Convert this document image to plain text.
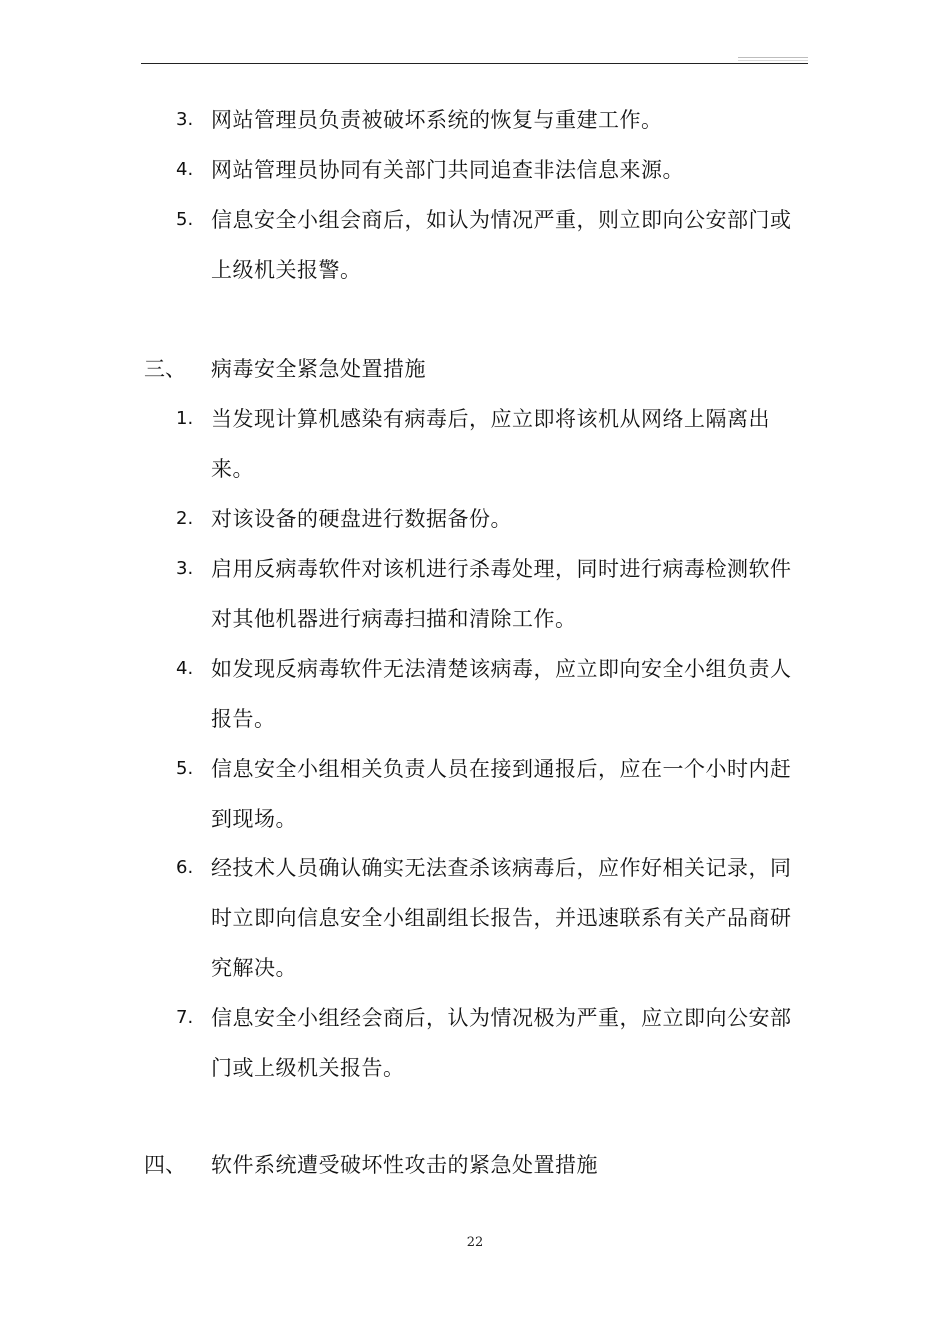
3. 网站管理员负责被破坏系统的恢复与重建工作。
4. 网站管理员协同有关部门共同追查非法信息来源。
5. 信息安全小组会商后，如认为情况严重，则立即向公安部门或
上级机关报警。
三、	病毒安全紧急处置措施
1. 当发现计算机感染有病毒后，应立即将该机从网络上隔离出
来。
2. 对该设备的硬盘进行数据备份。
3. 启用反病毒软件对该机进行杀毒处理，同时进行病毒检测软件
对其他机器进行病毒扫描和清除工作。
4. 如发现反病毒软件无法清楚该病毒，应立即向安全小组负责人
报告。
5. 信息安全小组相关负责人员在接到通报后，应在一个小时内赶
到现场。
6. 经技术人员确认确实无法查杀该病毒后，应作好相关记录，同
时立即向信息安全小组副组长报告，并迅速联系有关产品商研
究解决。
7. 信息安全小组经会商后，认为情况极为严重，应立即向公安部
门或上级机关报告。
四、	软件系统遭受破坏性攻击的紧急处置措施
22
